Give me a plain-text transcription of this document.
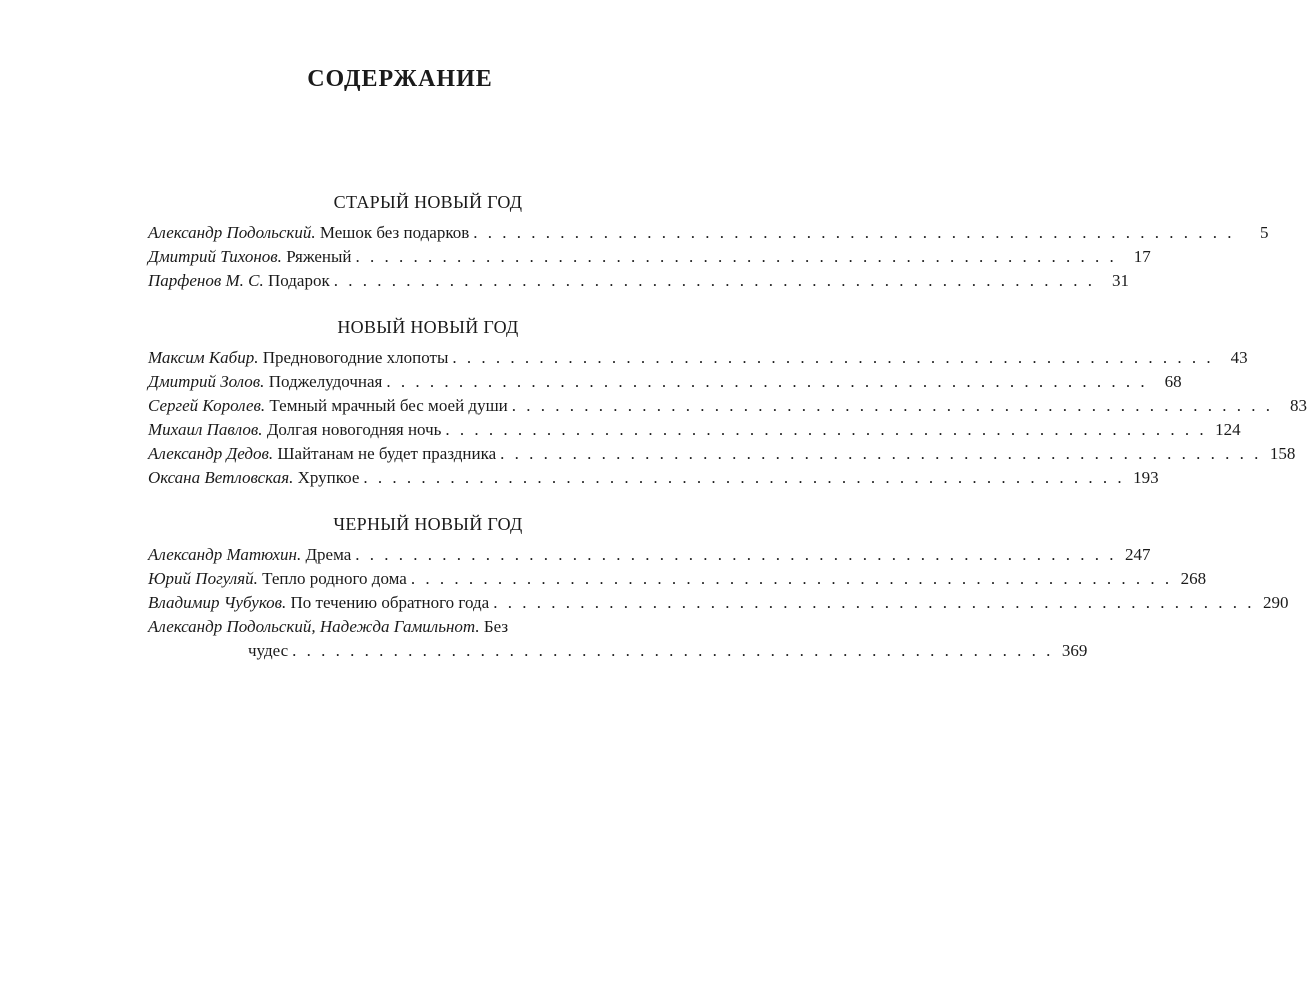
СОДЕРЖАНИЕ
СТАРЫЙ НОВЫЙ ГОД
Александр Подольский. Мешок без подарков . . . . . . . . . . . . . . . . . . . . . . . . . . . . . . . . . . . . . . . . . . . . . . . . . . . . .	5
Дмитрий Тихонов. Ряженый . . . . . . . . . . . . . . . . . . . . . . . . . . . . . . . . . . . . . . . . . . . . . . . . . . . . .	17
Парфенов М. С. Подарок . . . . . . . . . . . . . . . . . . . . . . . . . . . . . . . . . . . . . . . . . . . . . . . . . . . . .	31
НОВЫЙ НОВЫЙ ГОД
Максим Кабир. Предновогодние хлопоты . . . . . . . . . . . . . . . . . . . . . . . . . . . . . . . . . . . . . . . . . . . . . . . . . . . . .	43
Дмитрий Золов. Поджелудочная . . . . . . . . . . . . . . . . . . . . . . . . . . . . . . . . . . . . . . . . . . . . . . . . . . . . .	68
Сергей Королев. Темный мрачный бес моей души . . . . . . . . . . . . . . . . . . . . . . . . . . . . . . . . . . . . . . . . . . . . . . . . . . . . .	83
Михаил Павлов. Долгая новогодняя ночь . . . . . . . . . . . . . . . . . . . . . . . . . . . . . . . . . . . . . . . . . . . . . . . . . . . . . 124
Александр Дедов. Шайтанам не будет праздника . . . . . . . . . . . . . . . . . . . . . . . . . . . . . . . . . . . . . . . . . . . . . . . . . . . . . 158
Оксана Ветловская. Хрупкое . . . . . . . . . . . . . . . . . . . . . . . . . . . . . . . . . . . . . . . . . . . . . . . . . . . . . 193
ЧЕРНЫЙ НОВЫЙ ГОД
Александр Матюхин. Дрема . . . . . . . . . . . . . . . . . . . . . . . . . . . . . . . . . . . . . . . . . . . . . . . . . . . . . 247
Юрий Погуляй. Тепло родного дома . . . . . . . . . . . . . . . . . . . . . . . . . . . . . . . . . . . . . . . . . . . . . . . . . . . . . 268
Владимир Чубуков. По течению обратного года . . . . . . . . . . . . . . . . . . . . . . . . . . . . . . . . . . . . . . . . . . . . . . . . . . . . . 290
Александр Подольский, Надежда Гамильнот. Без
чудес . . . . . . . . . . . . . . . . . . . . . . . . . . . . . . . . . . . . . . . . . . . . . . . . . . . . . 369
